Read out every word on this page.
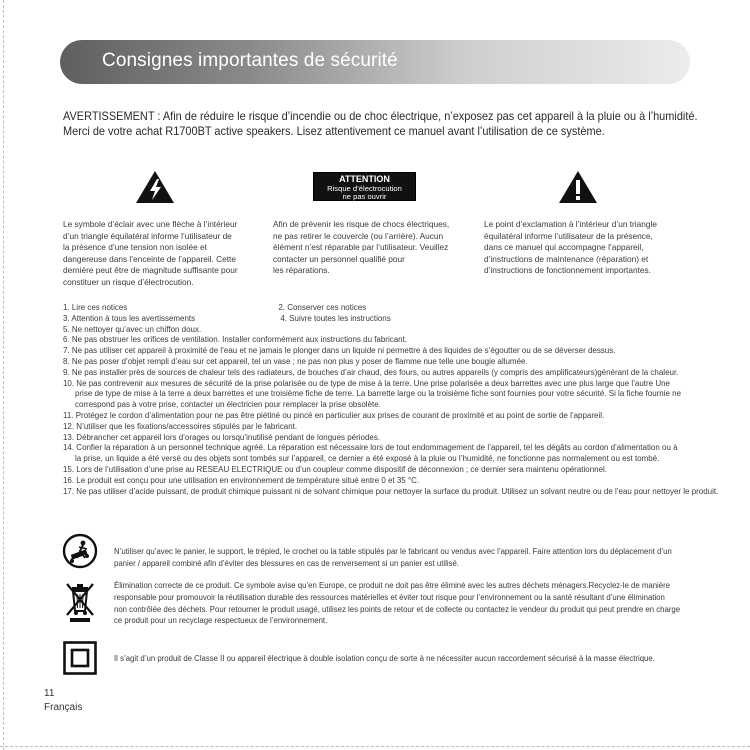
Consignes importantes de sécurité

AVERTISSEMENT : Afin de réduire le risque d’incendie ou de choc électrique, n’exposez pas cet appareil à la pluie ou à l’humidité.

Merci de votre achat R1700BT active speakers. Lisez attentivement ce manuel avant l’utilisation de ce système.

ATTENTION
Risque d’électrocution
ne pas ouvrir

Le symbole d’éclair avec une flèche à l’intérieur

d’un triangle équilatéral informe l’utilisateur de

la présence d’une tension non isolée et

dangereuse dans l’enceinte de l’appareil. Cette

dernière peut être de magnitude suffisante pour

constituer un risque d’électrocution.

Afin de prévenir les risque de chocs électriques,

ne pas retirer le couvercle (ou l’arrière). Aucun

élément n’est réparable par l’utilisateur. Veuillez

contacter un personnel qualifié pour

les réparations.

Le point d’exclamation à l’intérieur d’un triangle

équilatéral informe l’utilisateur de la présence,

dans ce manuel qui accompagne l’appareil,

d’instructions de maintenance (réparation) et

d’instructions de fonctionnement importantes.

1. Lire ces notices	2. Conserver ces notices
3. Attention à tous les avertissements	4. Suivre toutes les instructions
5. Ne nettoyer qu’avec un chiffon doux.
6. Ne pas obstruer les orifices de ventilation. Installer conformément aux instructions du fabricant.
7. Ne pas utiliser cet appareil à proximité de l’eau et ne jamais le plonger dans un liquide ni permettre à des liquides de s’égoutter ou de se déverser dessus.
8. Ne pas poser d’objet rempli d’eau sur cet appareil, tel un vase ; ne pas non plus y poser de flamme nue telle une bougie allumée.
9. Ne pas installer près de sources de chaleur tels des radiateurs, de bouches d’air chaud, des fours, ou autres appareils (y compris des amplificateurs)générant de la chaleur.
10. Ne pas contrevenir aux mesures de sécurité de la prise polarisée ou de type de mise à la terre. Une prise polarisée a deux barrettes avec une plus large que l’autre Une
prise de type de mise à la terre a deux barrettes et une troisième fiche de terre. La barrette large ou la troisième fiche sont fournies pour votre sécurité. Si la fiche fournie ne
correspond pas à votre prise, contacter un électricien pour remplacer la prise obsolète.
11. Protégez le cordon d’alimentation pour ne pas être piétiné ou pincé en particulier aux prises de courant de proximité et au point de sortie de l’appareil.
12. N’utiliser que les fixations/accessoires stipulés par le fabricant.
13. Débrancher cet appareil lors d’orages ou lorsqu’inutilisé pendant de longues périodes.
14. Confier la réparation à un personnel technique agréé. La réparation est nécessaire lors de tout endommagement de l’appareil, tel les dégâts au cordon d’alimentation ou à
la prise, un liquide a été versé ou des objets sont tombés sur l’appareil, ce dernier a été exposé à la pluie ou l’humidité, ne fonctionne pas normalement ou est tombé.
15. Lors de l’utilisation d’une prise au RESEAU ELECTRIQUE ou d’un coupleur comme dispositif de déconnexion ; ce dernier sera maintenu opérationnel.
16. Le produit est conçu pour une utilisation en environnement de température situé entre 0 et 35 °C.
17. Ne pas utiliser d’acide puissant, de produit chimique puissant ni de solvant chimique pour nettoyer la surface du produit. Utilisez un solvant neutre ou de l’eau pour nettoyer le produit.

N’utiliser qu’avec le panier, le support, le trépied, le crochet ou la table stipulés par le fabricant ou vendus avec l’appareil. Faire attention lors du déplacement d’un

panier / appareil combiné afin d’éviter des blessures en cas de renversement si un panier est utilisé.

Élimination correcte de ce produit. Ce symbole avise qu’en Europe, ce produit ne doit pas être éliminé avec les autres déchets ménagers.Recyclez-le de manière

responsable pour promouvoir la réutilisation durable des ressources matérielles et éviter tout risque pour l’environnement ou la santé résultant d’une élimination

non contrôlée des déchets. Pour retourner le produit usagé, utilisez les points de retour et de collecte ou contactez le vendeur du produit qui peut prendre en charge

ce produit pour un recyclage respectueux de l’environnement.

Il s’agit d’un produit de Classe II ou appareil électrique à double isolation conçu de sorte à ne nécessiter aucun raccordement sécurisé à la masse électrique.

11
Français
